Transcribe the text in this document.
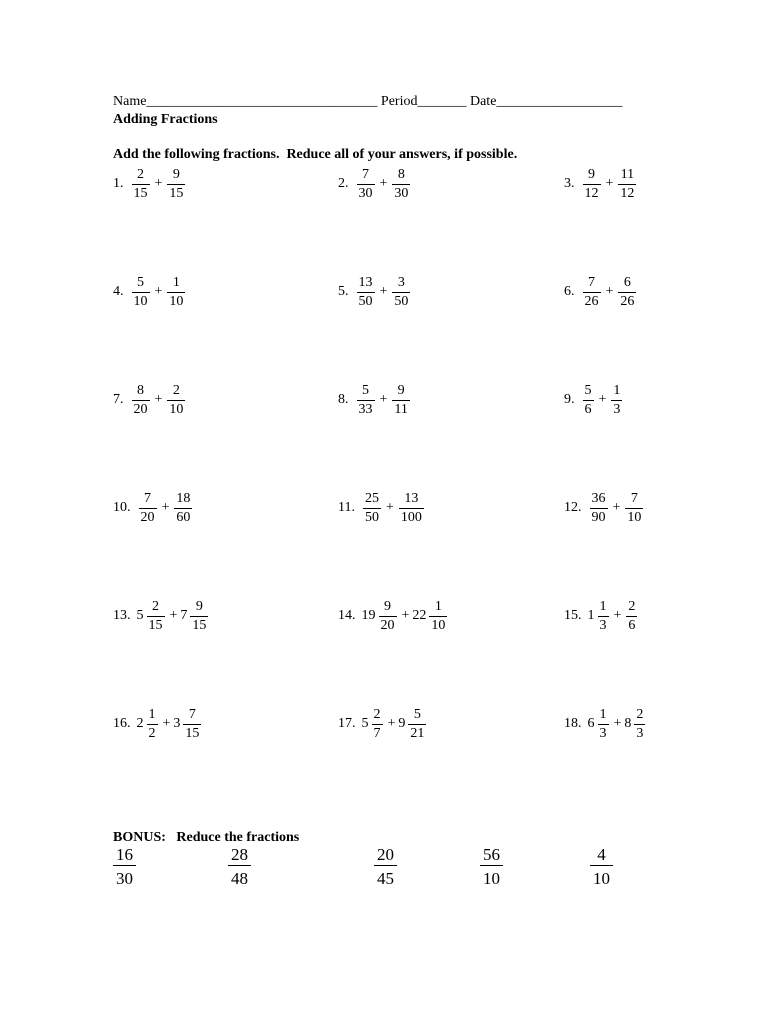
Name_________________________________ Period_______ Date__________________
Adding Fractions
Add the following fractions.  Reduce all of your answers, if possible.
1. $\frac{2}{15} + \frac{9}{15}$	2. $\frac{7}{30} + \frac{8}{30}$	3. $\frac{9}{12} + \frac{11}{12}$
4. $\frac{5}{10} + \frac{1}{10}$	5. $\frac{13}{50} + \frac{3}{50}$	6. $\frac{7}{26} + \frac{6}{26}$
7. $\frac{8}{20} + \frac{2}{10}$	8. $\frac{5}{33} + \frac{9}{11}$	9. $\frac{5}{6} + \frac{1}{3}$
10. $\frac{7}{20} + \frac{18}{60}$	11. $\frac{25}{50} + \frac{13}{100}$	12. $\frac{36}{90} + \frac{7}{10}$
13. $5 \frac{2}{15} + 7 \frac{9}{15}$	14. $19 \frac{9}{20} + 22 \frac{1}{10}$	15. $1 \frac{1}{3} + \frac{2}{6}$
16. $2 \frac{1}{2} + 3 \frac{7}{15}$	17. $5 \frac{2}{7} + 9 \frac{5}{21}$	18. $6 \frac{1}{3} + 8 \frac{2}{3}$
BONUS:   Reduce the fractions
16
30
28
48
20
45
56
10
4
10
